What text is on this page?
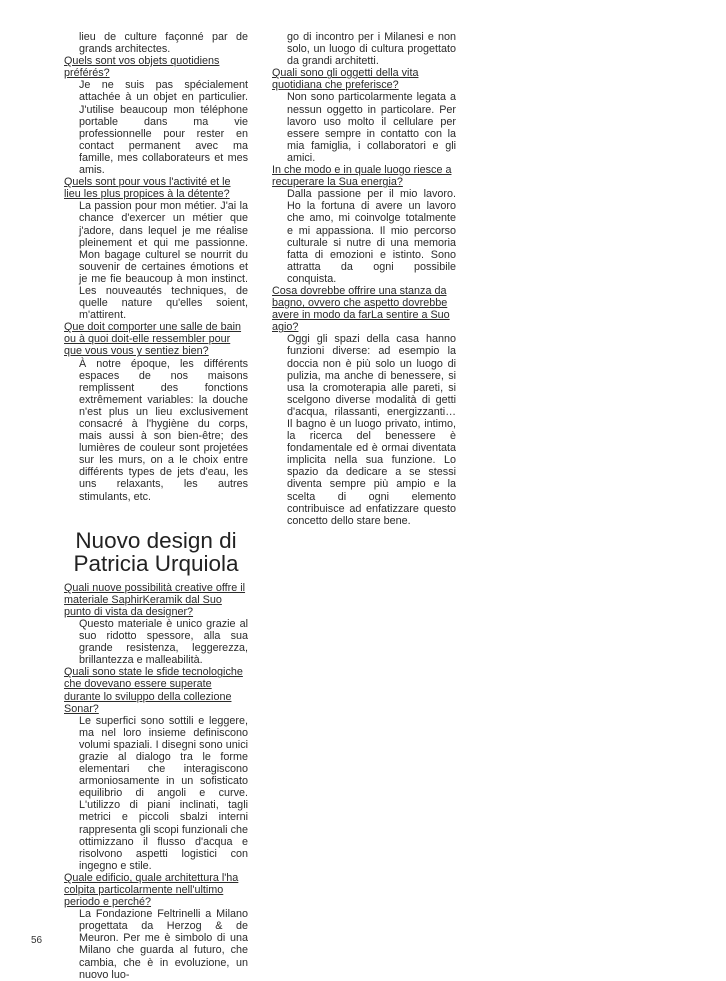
lieu de culture façonné par de grands architectes.

Quels sont vos objets quotidiens préférés?

Je ne suis pas spécialement attachée à un objet en particulier. J'utilise beaucoup mon téléphone portable dans ma vie professionnelle pour rester en contact permanent avec ma famille, mes collaborateurs et mes amis.

Quels sont pour vous l'activité et le lieu les plus propices à la détente?

La passion pour mon métier. J'ai la chance d'exercer un métier que j'adore, dans lequel je me réalise pleinement et qui me passionne. Mon bagage culturel se nourrit du souvenir de certaines émotions et je me fie beaucoup à mon instinct. Les nouveautés techniques, de quelle nature qu'elles soient, m'attirent.

Que doit comporter une salle de bain ou à quoi doit-elle ressembler pour que vous vous y sentiez bien?

À notre époque, les différents espaces de nos maisons remplissent des fonctions extrêmement variables: la douche n'est plus un lieu exclusivement consacré à l'hygiène du corps, mais aussi à son bien-être; des lumières de couleur sont projetées sur les murs, on a le choix entre différents types de jets d'eau, les uns relaxants, les autres stimulants, etc.

Nuovo design di Patricia Urquiola

Quali nuove possibilità creative offre il materiale SaphirKeramik dal Suo punto di vista da designer?

Questo materiale è unico grazie al suo ridotto spessore, alla sua grande resistenza, leggerezza, brillantezza e malleabilità.

Quali sono state le sfide tecnologiche che dovevano essere superate durante lo sviluppo della collezione Sonar?

Le superfici sono sottili e leggere, ma nel loro insieme definiscono volumi spaziali. I disegni sono unici grazie al dialogo tra le forme elementari che interagiscono armoniosamente in un sofisticato equilibrio di angoli e curve. L'utilizzo di piani inclinati, tagli metrici e piccoli sbalzi interni rappresenta gli scopi funzionali che ottimizzano il flusso d'acqua e risolvono aspetti logistici con ingegno e stile.

Quale edificio, quale architettura l'ha colpita particolarmente nell'ultimo periodo e perché?

La Fondazione Feltrinelli a Milano progettata da Herzog & de Meuron. Per me è simbolo di una Milano che guarda al futuro, che cambia, che è in evoluzione, un nuovo luo-

go di incontro per i Milanesi e non solo, un luogo di cultura progettato da grandi architetti.

Quali sono gli oggetti della vita quotidiana che preferisce?

Non sono particolarmente legata a nessun oggetto in particolare. Per lavoro uso molto il cellulare per essere sempre in contatto con la mia famiglia, i collaboratori e gli amici.

In che modo e in quale luogo riesce a recuperare la Sua energia?

Dalla passione per il mio lavoro. Ho la fortuna di avere un lavoro che amo, mi coinvolge totalmente e mi appassiona. Il mio percorso culturale si nutre di una memoria fatta di emozioni e istinto. Sono attratta da ogni possibile conquista.

Cosa dovrebbe offrire una stanza da bagno, ovvero che aspetto dovrebbe avere in modo da farLa sentire a Suo agio?

Oggi gli spazi della casa hanno funzioni diverse: ad esempio la doccia non è più solo un luogo di pulizia, ma anche di benessere, si usa la cromoterapia alle pareti, si scelgono diverse modalità di getti d'acqua, rilassanti, energizzanti… Il bagno è un luogo privato, intimo, la ricerca del benessere è fondamentale ed è ormai diventata implicita nella sua funzione. Lo spazio da dedicare a se stessi diventa sempre più ampio e la scelta di ogni elemento contribuisce ad enfatizzare questo concetto dello stare bene.

56
